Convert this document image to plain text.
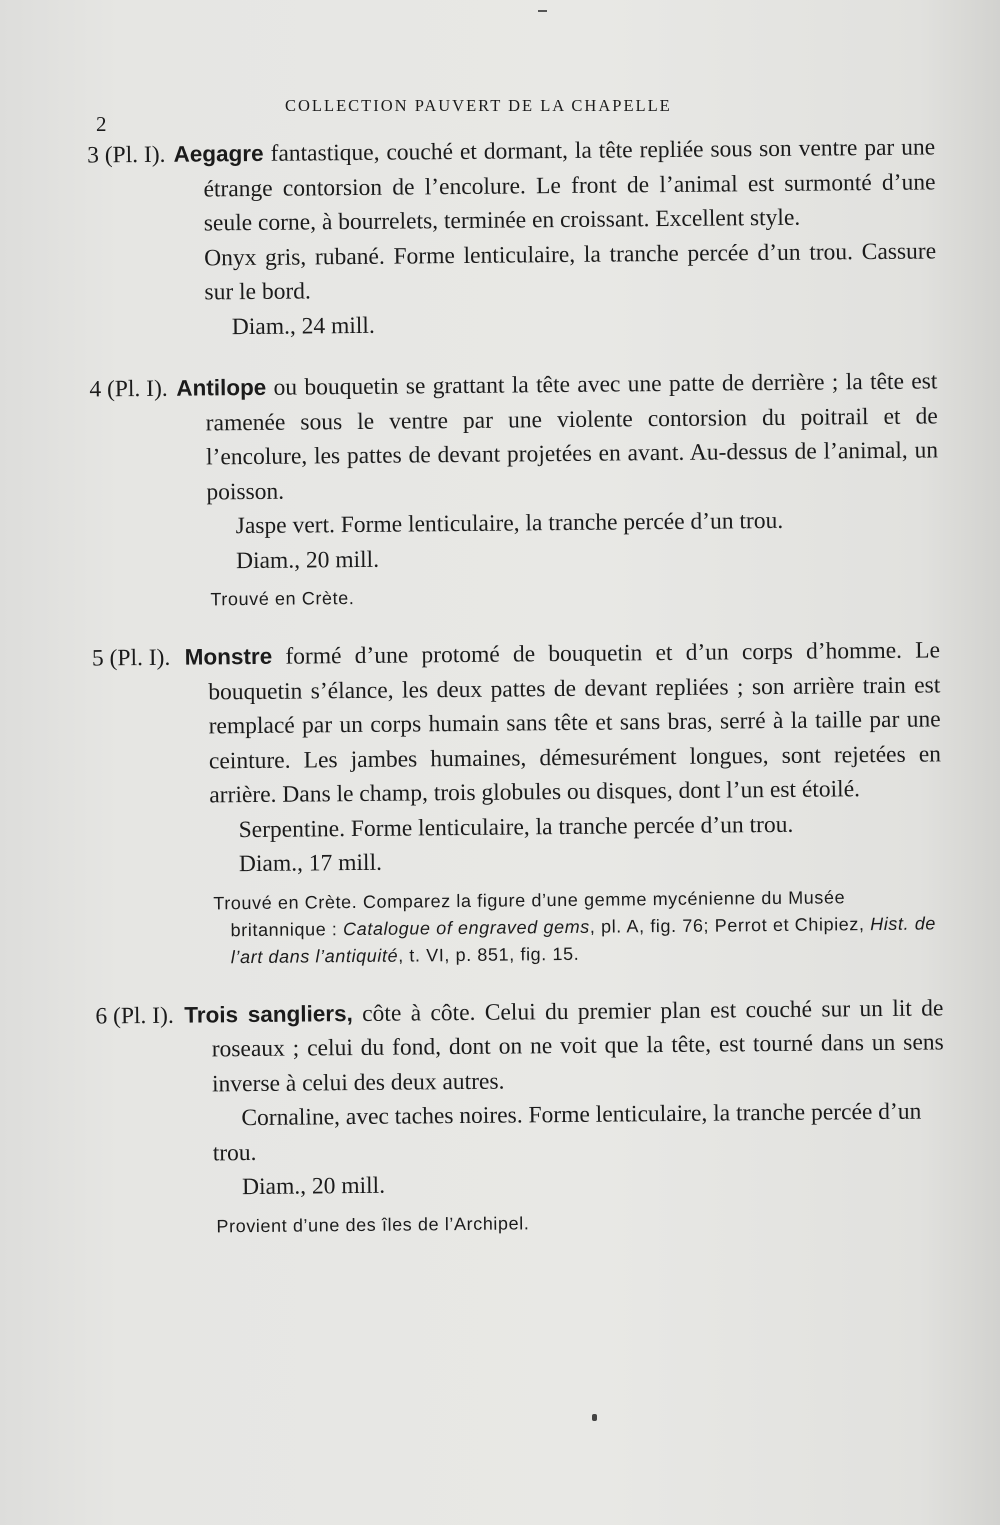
2
COLLECTION PAUVERT DE LA CHAPELLE

3 (Pl. I). Aegagre fantastique, couché et dormant, la tête repliée sous son ventre par une étrange contorsion de l’encolure. Le front de l’animal est surmonté d’une seule corne, à bourrelets, terminée en croissant. Excellent style.

Onyx gris, rubané. Forme lenticulaire, la tranche percée d’un trou. Cassure sur le bord.

Diam., 24 mill.

4 (Pl. I). Antilope ou bouquetin se grattant la tête avec une patte de derrière ; la tête est ramenée sous le ventre par une violente contorsion du poitrail et de l’encolure, les pattes de devant projetées en avant. Au-dessus de l’animal, un poisson.

Jaspe vert. Forme lenticulaire, la tranche percée d’un trou.

Diam., 20 mill.

Trouvé en Crète.

5 (Pl. I). Monstre formé d’une protomé de bouquetin et d’un corps d’homme. Le bouquetin s’élance, les deux pattes de devant repliées ; son arrière train est remplacé par un corps humain sans tête et sans bras, serré à la taille par une ceinture. Les jambes humaines, démesurément longues, sont rejetées en arrière. Dans le champ, trois globules ou disques, dont l’un est étoilé.

Serpentine. Forme lenticulaire, la tranche percée d’un trou.

Diam., 17 mill.

Trouvé en Crète. Comparez la figure d’une gemme mycénienne du Musée britannique : Catalogue of engraved gems, pl. A, fig. 76; Perrot et Chipiez, Hist. de l’art dans l’antiquité, t. VI, p. 851, fig. 15.

6 (Pl. I). Trois sangliers, côte à côte. Celui du premier plan est couché sur un lit de roseaux ; celui du fond, dont on ne voit que la tête, est tourné dans un sens inverse à celui des deux autres.

Cornaline, avec taches noires. Forme lenticulaire, la tranche percée d’un trou.

Diam., 20 mill.

Provient d’une des îles de l’Archipel.
